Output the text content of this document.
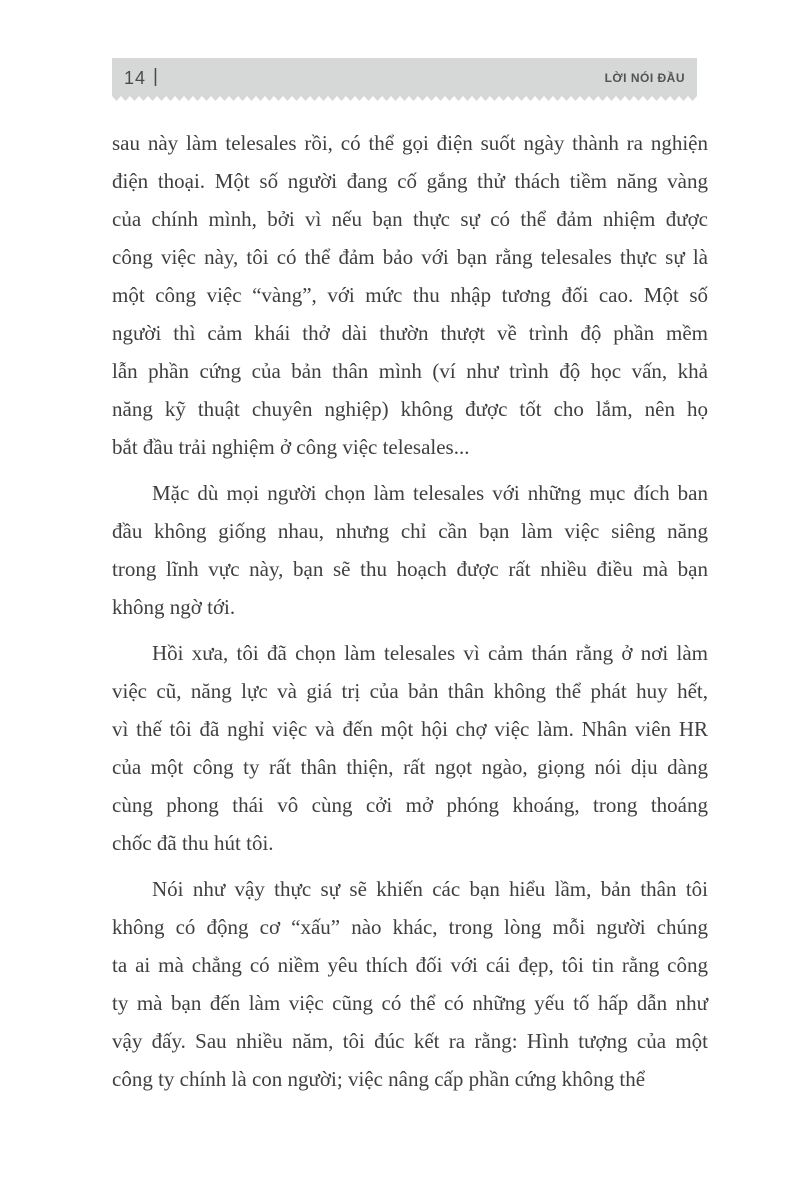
14 |	LỜI NÓI ĐẦU
sau này làm telesales rồi, có thể gọi điện suốt ngày thành ra nghiện
điện thoại. Một số người đang cố gắng thử thách tiềm năng vàng
của chính mình, bởi vì nếu bạn thực sự có thể đảm nhiệm được
công việc này, tôi có thể đảm bảo với bạn rằng telesales thực sự là
một công việc “vàng”, với mức thu nhập tương đối cao. Một số
người thì cảm khái thở dài thườn thượt về trình độ phần mềm
lẫn phần cứng của bản thân mình (ví như trình độ học vấn, khả
năng kỹ thuật chuyên nghiệp) không được tốt cho lắm, nên họ
bắt đầu trải nghiệm ở công việc telesales...
Mặc dù mọi người chọn làm telesales với những mục đích ban
đầu không giống nhau, nhưng chỉ cần bạn làm việc siêng năng
trong lĩnh vực này, bạn sẽ thu hoạch được rất nhiều điều mà bạn
không ngờ tới.
Hồi xưa, tôi đã chọn làm telesales vì cảm thán rằng ở nơi làm
việc cũ, năng lực và giá trị của bản thân không thể phát huy hết,
vì thế tôi đã nghỉ việc và đến một hội chợ việc làm. Nhân viên HR
của một công ty rất thân thiện, rất ngọt ngào, giọng nói dịu dàng
cùng phong thái vô cùng cởi mở phóng khoáng, trong thoáng
chốc đã thu hút tôi.
Nói như vậy thực sự sẽ khiến các bạn hiểu lầm, bản thân tôi
không có động cơ “xấu” nào khác, trong lòng mỗi người chúng
ta ai mà chẳng có niềm yêu thích đối với cái đẹp, tôi tin rằng công
ty mà bạn đến làm việc cũng có thể có những yếu tố hấp dẫn như
vậy đấy. Sau nhiều năm, tôi đúc kết ra rằng: Hình tượng của một
công ty chính là con người; việc nâng cấp phần cứng không thể
